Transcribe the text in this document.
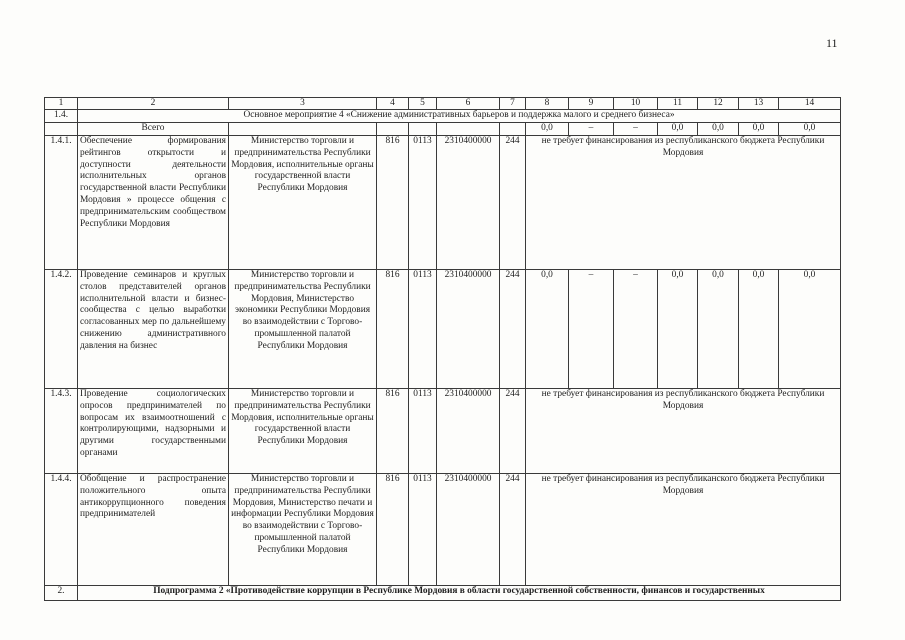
11
1	2	3	4	5	6	7	8	9	10	11	12	13	14
1.4.	Основное мероприятие 4 «Снижение административных барьеров и поддержка малого и среднего бизнеса»												
	Всего						0,0	–	–	0,0	0,0	0,0	0,0
1.4.1.	Обеспечение формирования рейтингов открытости и доступности деятельности исполнительных органов государственной власти Республики Мордовия » процессе общения с предпринимательским сообществом Республики Мордовия	Министерство торговли и предпринимательства Республики Мордовия, исполнительные органы государственной власти Республики Мордовия	816	0113	2310400000	244	не требует финансирования из республиканского бюджета Республики Мордовия						
1.4.2.	Проведение семинаров и круглых столов представителей органов исполнительной власти и бизнес-сообщества с целью выработки согласованных мер по дальнейшему снижению административного давления на бизнес	Министерство торговли и предпринимательства Республики Мордовия, Министерство экономики Республики Мордовия во взаимодействии с Торгово-промышленной палатой Республики Мордовия	816	0113	2310400000	244	0,0	–	–	0,0	0,0	0,0	0,0
1.4.3.	Проведение социологических опросов предпринимателей по вопросам их взаимоотношений с контролирующими, надзорными и другими государственными органами	Министерство торговли и предпринимательства Республики Мордовия, исполнительные органы государственной власти Республики Мордовия	816	0113	2310400000	244	не требует финансирования из республиканского бюджета Республики Мордовия						
1.4.4.	Обобщение и распространение положительного опыта антикоррупционного поведения предпринимателей	Министерство торговли и предпринимательства Республики Мордовия, Министерство печати и информации Республики Мордовия во взаимодействии с Торгово-промышленной палатой Республики Мордовия	816	0113	2310400000	244	не требует финансирования из республиканского бюджета Республики Мордовия						
2.	Подпрограмма 2 «Противодействие коррупции в Республике Мордовия в области государственной собственности, финансов и государственных												
